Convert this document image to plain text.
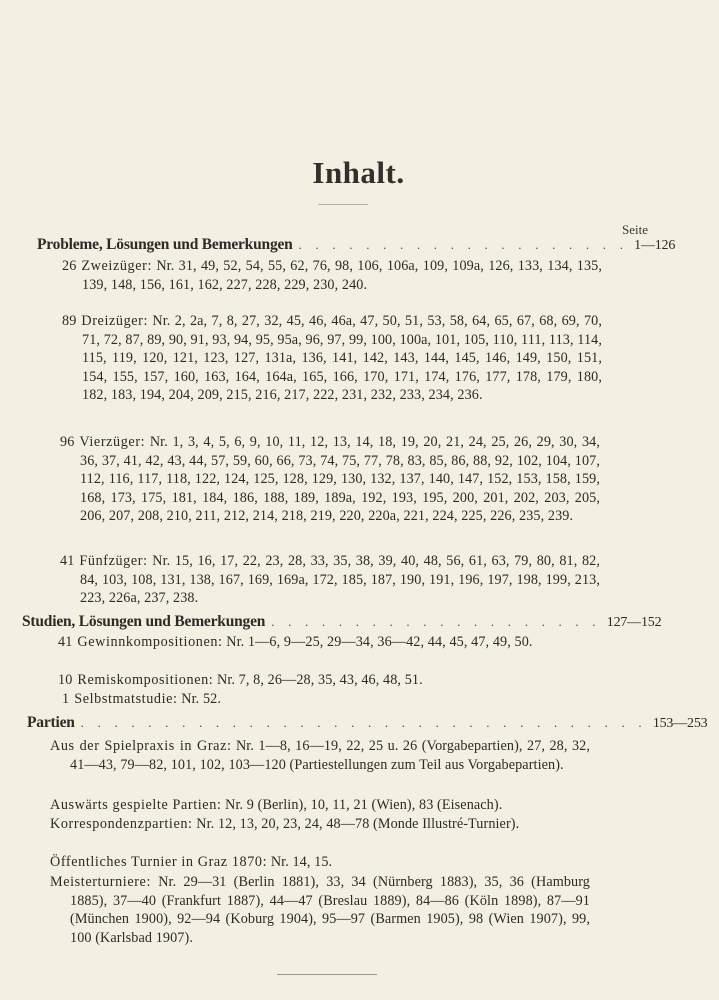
Inhalt.
Seite
Probleme, Lösungen und Bemerkungen . . . . . . . . . . . . . . . . . . . . 1—126
26 Zweizüger: Nr. 31, 49, 52, 54, 55, 62, 76, 98, 106, 106a, 109, 109a, 126, 133, 134, 135, 139, 148, 156, 161, 162, 227, 228, 229, 230, 240.
89 Dreizüger: Nr. 2, 2a, 7, 8, 27, 32, 45, 46, 46a, 47, 50, 51, 53, 58, 64, 65, 67, 68, 69, 70, 71, 72, 87, 89, 90, 91, 93, 94, 95, 95a, 96, 97, 99, 100, 100a, 101, 105, 110, 111, 113, 114, 115, 119, 120, 121, 123, 127, 131a, 136, 141, 142, 143, 144, 145, 146, 149, 150, 151, 154, 155, 157, 160, 163, 164, 164a, 165, 166, 170, 171, 174, 176, 177, 178, 179, 180, 182, 183, 194, 204, 209, 215, 216, 217, 222, 231, 232, 233, 234, 236.
96 Vierzüger: Nr. 1, 3, 4, 5, 6, 9, 10, 11, 12, 13, 14, 18, 19, 20, 21, 24, 25, 26, 29, 30, 34, 36, 37, 41, 42, 43, 44, 57, 59, 60, 66, 73, 74, 75, 77, 78, 83, 85, 86, 88, 92, 102, 104, 107, 112, 116, 117, 118, 122, 124, 125, 128, 129, 130, 132, 137, 140, 147, 152, 153, 158, 159, 168, 173, 175, 181, 184, 186, 188, 189, 189a, 192, 193, 195, 200, 201, 202, 203, 205, 206, 207, 208, 210, 211, 212, 214, 218, 219, 220, 220a, 221, 224, 225, 226, 235, 239.
41 Fünfzüger: Nr. 15, 16, 17, 22, 23, 28, 33, 35, 38, 39, 40, 48, 56, 61, 63, 79, 80, 81, 82, 84, 103, 108, 131, 138, 167, 169, 169a, 172, 185, 187, 190, 191, 196, 197, 198, 199, 213, 223, 226a, 237, 238.
Studien, Lösungen und Bemerkungen . . . . . . . . . . . . . . . . . . . . 127—152
41 Gewinnkompositionen: Nr. 1—6, 9—25, 29—34, 36—42, 44, 45, 47, 49, 50.
10 Remiskompositionen: Nr. 7, 8, 26—28, 35, 43, 46, 48, 51.
1 Selbstmatstudie: Nr. 52.
Partien . . . . . . . . . . . . . . . . . . . . . . . . . . . . . . . . . . 153—253
Aus der Spielpraxis in Graz: Nr. 1—8, 16—19, 22, 25 u. 26 (Vorgabepartien), 27, 28, 32, 41—43, 79—82, 101, 102, 103—120 (Partiestellungen zum Teil aus Vorgabepartien).
Auswärts gespielte Partien: Nr. 9 (Berlin), 10, 11, 21 (Wien), 83 (Eisenach).
Korrespondenzpartien: Nr. 12, 13, 20, 23, 24, 48—78 (Monde Illustré-Turnier).
Öffentliches Turnier in Graz 1870: Nr. 14, 15.
Meisterturniere: Nr. 29—31 (Berlin 1881), 33, 34 (Nürnberg 1883), 35, 36 (Hamburg 1885), 37—40 (Frankfurt 1887), 44—47 (Breslau 1889), 84—86 (Köln 1898), 87—91 (München 1900), 92—94 (Koburg 1904), 95—97 (Barmen 1905), 98 (Wien 1907), 99, 100 (Karlsbad 1907).
